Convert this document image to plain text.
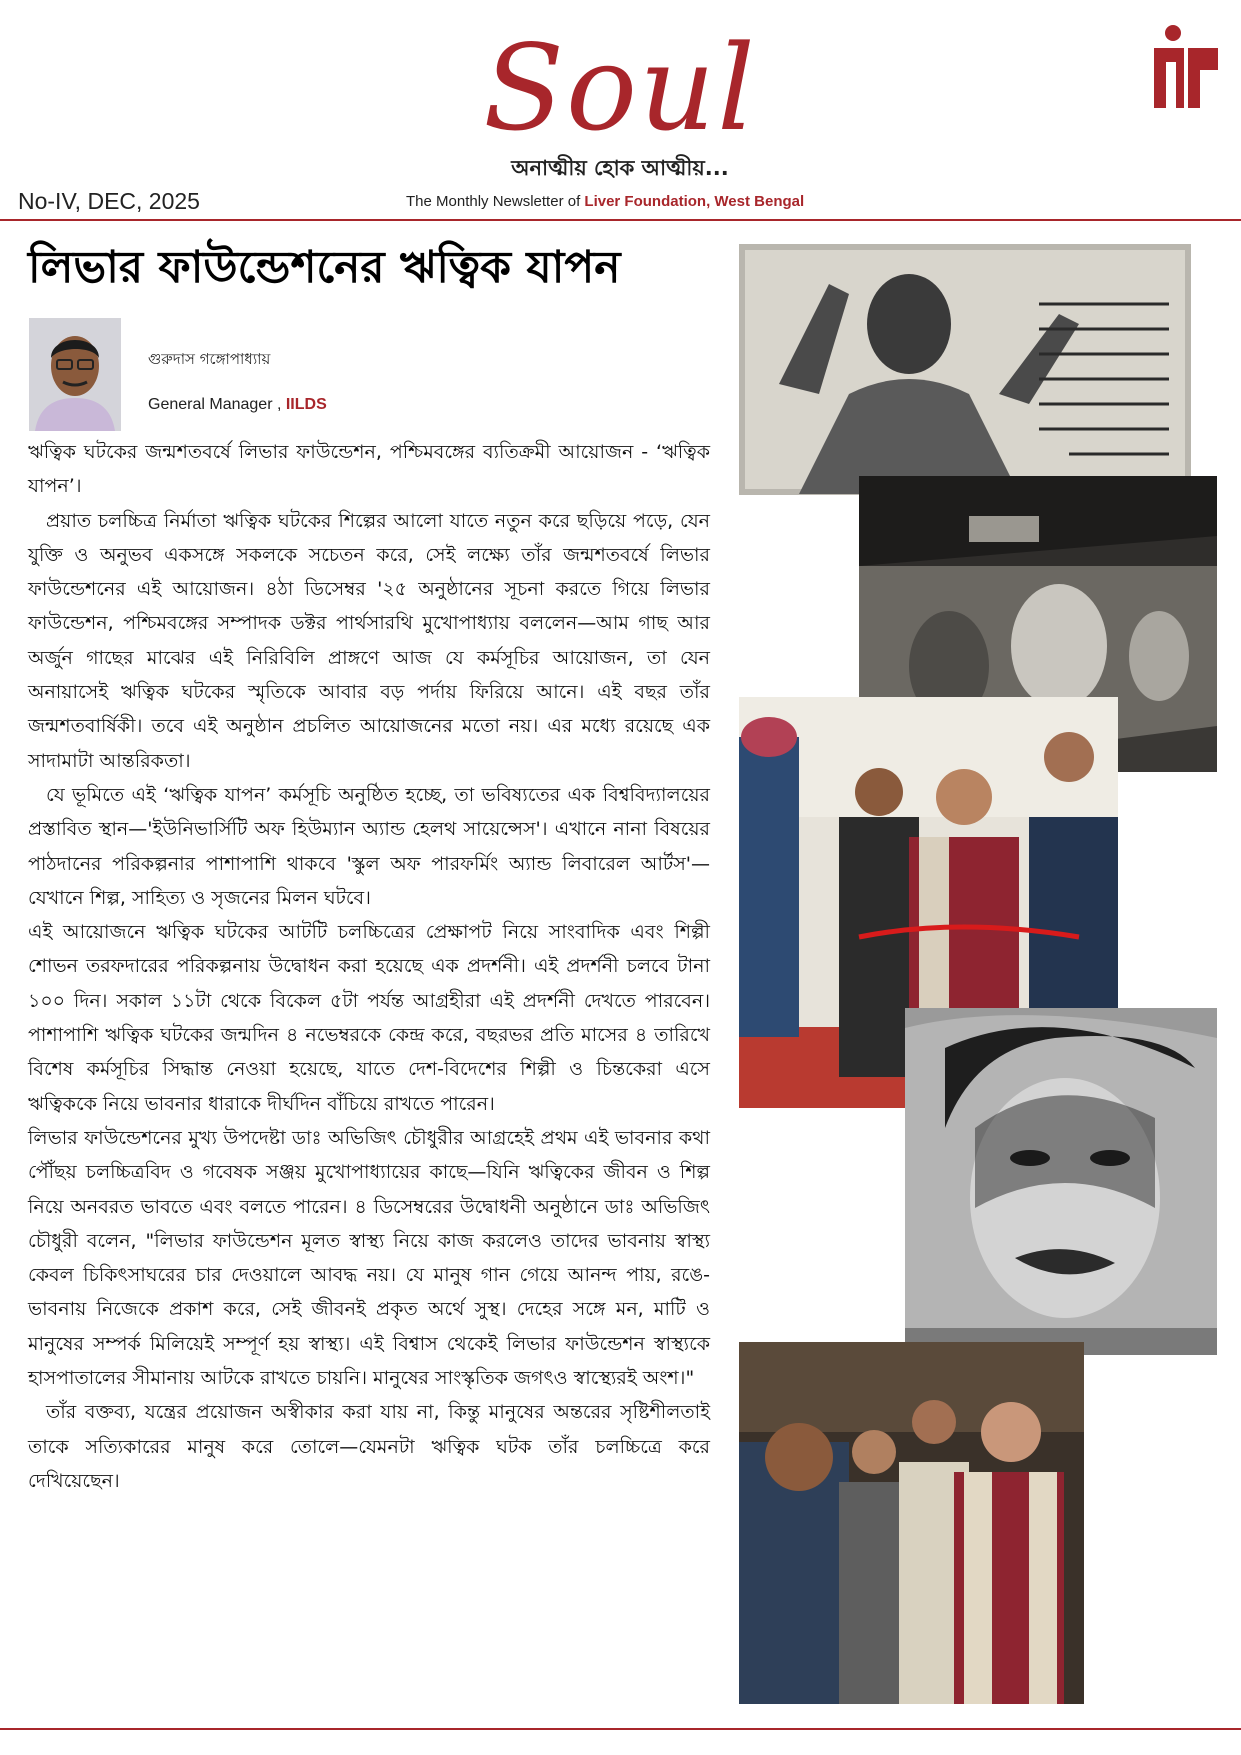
Soul
অনাত্মীয় হোক আত্মীয়...
No-IV, DEC, 2025	The Monthly Newsletter of Liver Foundation, West Bengal
লিভার ফাউন্ডেশনের ঋত্বিক যাপন
গুরুদাস গঙ্গোপাধ্যায়
General Manager , IILDS

ঋত্বিক ঘটকের জন্মশতবর্ষে লিভার ফাউন্ডেশন, পশ্চিমবঙ্গের ব্যতিক্রমী আয়োজন - ‘ঋত্বিক যাপন’।

প্রয়াত চলচ্চিত্র নির্মাতা ঋত্বিক ঘটকের শিল্পের আলো যাতে নতুন করে ছড়িয়ে পড়ে, যেন যুক্তি ও অনুভব একসঙ্গে সকলকে সচেতন করে, সেই লক্ষ্যে তাঁর জন্মশতবর্ষে লিভার ফাউন্ডেশনের এই আয়োজন। ৪ঠা ডিসেম্বর '২৫ অনুষ্ঠানের সূচনা করতে গিয়ে লিভার ফাউন্ডেশন, পশ্চিমবঙ্গের সম্পাদক ডক্টর পার্থসারথি মুখোপাধ্যায় বললেন—আম গাছ আর অর্জুন গাছের মাঝের এই নিরিবিলি প্রাঙ্গণে আজ যে কর্মসূচির আয়োজন, তা যেন অনায়াসেই ঋত্বিক ঘটকের স্মৃতিকে আবার বড় পর্দায় ফিরিয়ে আনে। এই বছর তাঁর জন্মশতবার্ষিকী। তবে এই অনুষ্ঠান প্রচলিত আয়োজনের মতো নয়। এর মধ্যে রয়েছে এক সাদামাটা আন্তরিকতা।

যে ভূমিতে এই ‘ঋত্বিক যাপন’ কর্মসূচি অনুষ্ঠিত হচ্ছে, তা ভবিষ্যতের এক বিশ্ববিদ্যালয়ের প্রস্তাবিত স্থান—'ইউনিভার্সিটি অফ হিউম্যান অ্যান্ড হেলথ সায়েন্সেস'। এখানে নানা বিষয়ের পাঠদানের পরিকল্পনার পাশাপাশি থাকবে 'স্কুল অফ পারফর্মিং অ্যান্ড লিবারেল আর্টস'—যেখানে শিল্প, সাহিত্য ও সৃজনের মিলন ঘটবে।

এই আয়োজনে ঋত্বিক ঘটকের আটটি চলচ্চিত্রের প্রেক্ষাপট নিয়ে সাংবাদিক এবং শিল্পী শোভন তরফদারের পরিকল্পনায় উদ্বোধন করা হয়েছে এক প্রদর্শনী। এই প্রদর্শনী চলবে টানা ১০০ দিন। সকাল ১১টা থেকে বিকেল ৫টা পর্যন্ত আগ্রহীরা এই প্রদর্শনী দেখতে পারবেন। পাশাপাশি ঋত্বিক ঘটকের জন্মদিন ৪ নভেম্বরকে কেন্দ্র করে, বছরভর প্রতি মাসের ৪ তারিখে বিশেষ কর্মসূচির সিদ্ধান্ত নেওয়া হয়েছে, যাতে দেশ-বিদেশের শিল্পী ও চিন্তকেরা এসে ঋত্বিককে নিয়ে ভাবনার ধারাকে দীর্ঘদিন বাঁচিয়ে রাখতে পারেন।

লিভার ফাউন্ডেশনের মুখ্য উপদেষ্টা ডাঃ অভিজিৎ চৌধুরীর আগ্রহেই প্রথম এই ভাবনার কথা পৌঁছয় চলচ্চিত্রবিদ ও গবেষক সঞ্জয় মুখোপাধ্যায়ের কাছে—যিনি ঋত্বিকের জীবন ও শিল্প নিয়ে অনবরত ভাবতে এবং বলতে পারেন। ৪ ডিসেম্বরের উদ্বোধনী অনুষ্ঠানে ডাঃ অভিজিৎ চৌধুরী বলেন, "লিভার ফাউন্ডেশন মূলত স্বাস্থ্য নিয়ে কাজ করলেও তাদের ভাবনায় স্বাস্থ্য কেবল চিকিৎসাঘরের চার দেওয়ালে আবদ্ধ নয়। যে মানুষ গান গেয়ে আনন্দ পায়, রঙে-ভাবনায় নিজেকে প্রকাশ করে, সেই জীবনই প্রকৃত অর্থে সুস্থ। দেহের সঙ্গে মন, মাটি ও মানুষের সম্পর্ক মিলিয়েই সম্পূর্ণ হয় স্বাস্থ্য। এই বিশ্বাস থেকেই লিভার ফাউন্ডেশন স্বাস্থ্যকে হাসপাতালের সীমানায় আটকে রাখতে চায়নি। মানুষের সাংস্কৃতিক জগৎও স্বাস্থ্যেরই অংশ।"

তাঁর বক্তব্য, যন্ত্রের প্রয়োজন অস্বীকার করা যায় না, কিন্তু মানুষের অন্তরের সৃষ্টিশীলতাই তাকে সত্যিকারের মানুষ করে তোলে—যেমনটা ঋত্বিক ঘটক তাঁর চলচ্চিত্রে করে দেখিয়েছেন।
